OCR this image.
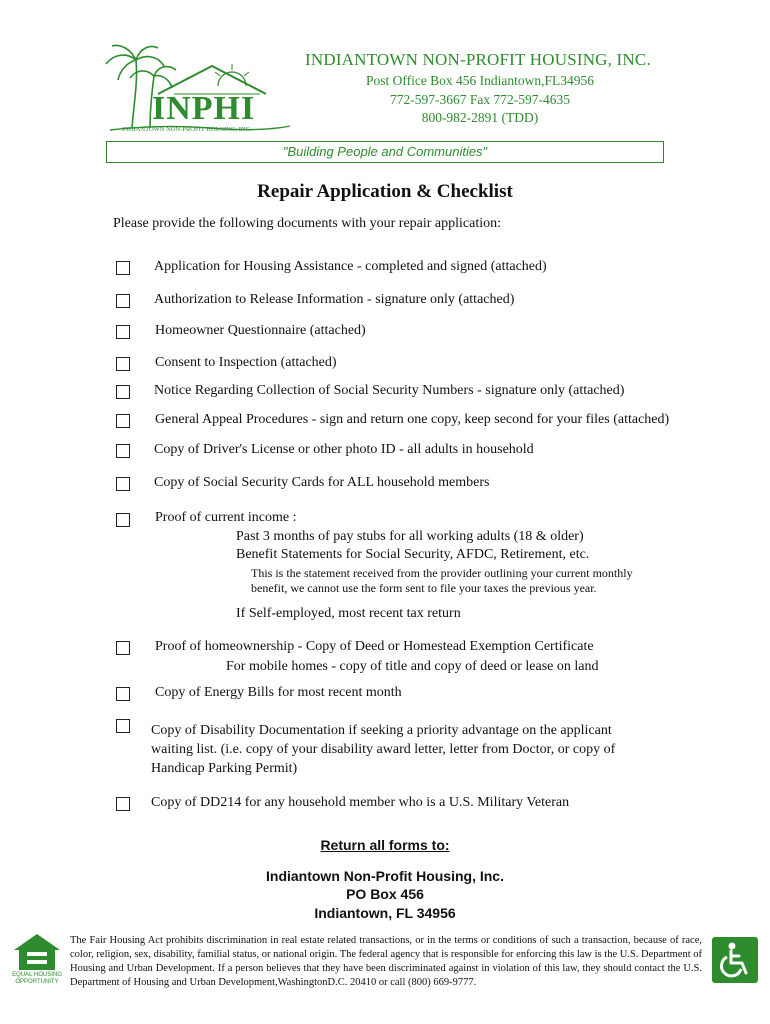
INPHI
INDIANTOWN NON-PROFIT HOUSING, INC.
INDIANTOWN NON-PROFIT HOUSING, INC.
Post Office Box 456 Indiantown,FL34956
772-597-3667 Fax 772-597-4635
800-982-2891 (TDD)
"Building People and Communities"
Repair Application & Checklist
Please provide the following documents with your repair application:
Application for Housing Assistance - completed and signed (attached)
Authorization to Release Information - signature only (attached)
Homeowner Questionnaire (attached)
Consent to Inspection (attached)
Notice Regarding Collection of Social Security Numbers - signature only (attached)
General Appeal Procedures - sign and return one copy, keep second for your files (attached)
Copy of Driver's License or other photo ID - all adults in household
Copy of Social Security Cards for ALL household members
Proof of current income :
Past 3 months of pay stubs for all working adults (18 & older)
Benefit Statements for Social Security, AFDC, Retirement, etc.
This is the statement received from the provider outlining your current monthly
benefit, we cannot use the form sent to file your taxes the previous year.
If Self-employed, most recent tax return
Proof of homeownership - Copy of Deed or Homestead Exemption Certificate
For mobile homes - copy of title and copy of deed or lease on land
Copy of Energy Bills for most recent month
Copy of Disability Documentation if seeking a priority advantage on the applicant
waiting list. (i.e. copy of your disability award letter, letter from Doctor, or copy of
Handicap Parking Permit)
Copy of DD214 for any household member who is a U.S. Military Veteran
Return all forms to:
Indiantown Non-Profit Housing, Inc.
PO Box 456
Indiantown, FL 34956
EQUAL HOUSING
OPPORTUNITY
The Fair Housing Act prohibits discrimination in real estate related transactions, or in the terms or conditions of such a transaction, because of race, color, religion, sex, disability, familial status, or national origin. The federal agency that is responsible for enforcing this law is the U.S. Department of Housing and Urban Development. If a person believes that they have been discriminated against in violation of this law, they should contact the U.S. Department of Housing and Urban Development,WashingtonD.C. 20410 or call (800) 669-9777.
